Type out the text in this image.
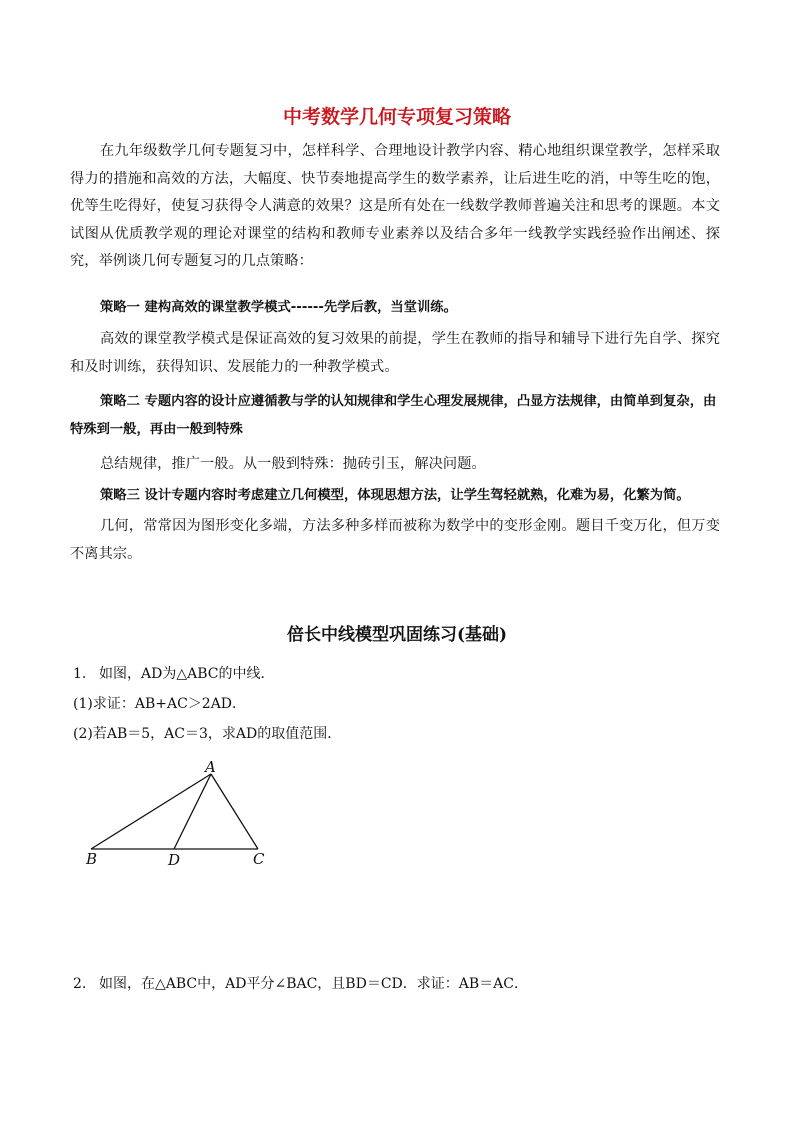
中考数学几何专项复习策略

在九年级数学几何专题复习中，怎样科学、合理地设计教学内容、精心地组织课堂教学，怎样采取得力的措施和高效的方法，大幅度、快节奏地提高学生的数学素养，让后进生吃的消，中等生吃的饱，优等生吃得好，使复习获得令人满意的效果？这是所有处在一线数学教师普遍关注和思考的课题。本文试图从优质教学观的理论对课堂的结构和教师专业素养以及结合多年一线教学实践经验作出阐述、探究，举例谈几何专题复习的几点策略：

策略一 建构高效的课堂教学模式------先学后教，当堂训练。

高效的课堂教学模式是保证高效的复习效果的前提，学生在教师的指导和辅导下进行先自学、探究和及时训练，获得知识、发展能力的一种教学模式。

策略二 专题内容的设计应遵循教与学的认知规律和学生心理发展规律，凸显方法规律，由简单到复杂，由特殊到一般，再由一般到特殊

总结规律，推广一般。从一般到特殊：抛砖引玉，解决问题。

策略三 设计专题内容时考虑建立几何模型，体现思想方法，让学生驾轻就熟，化难为易，化繁为简。

几何，常常因为图形变化多端，方法多种多样而被称为数学中的变形金刚。题目千变万化，但万变不离其宗。

倍长中线模型巩固练习(基础)
1. 如图，AD为△ABC的中线．
(1)求证：AB+AC＞2AD．
(2)若AB＝5，AC＝3，求AD的取值范围．
A
B	C
D
2. 如图，在△ABC中，AD平分∠BAC，且BD＝CD．求证：AB＝AC．
